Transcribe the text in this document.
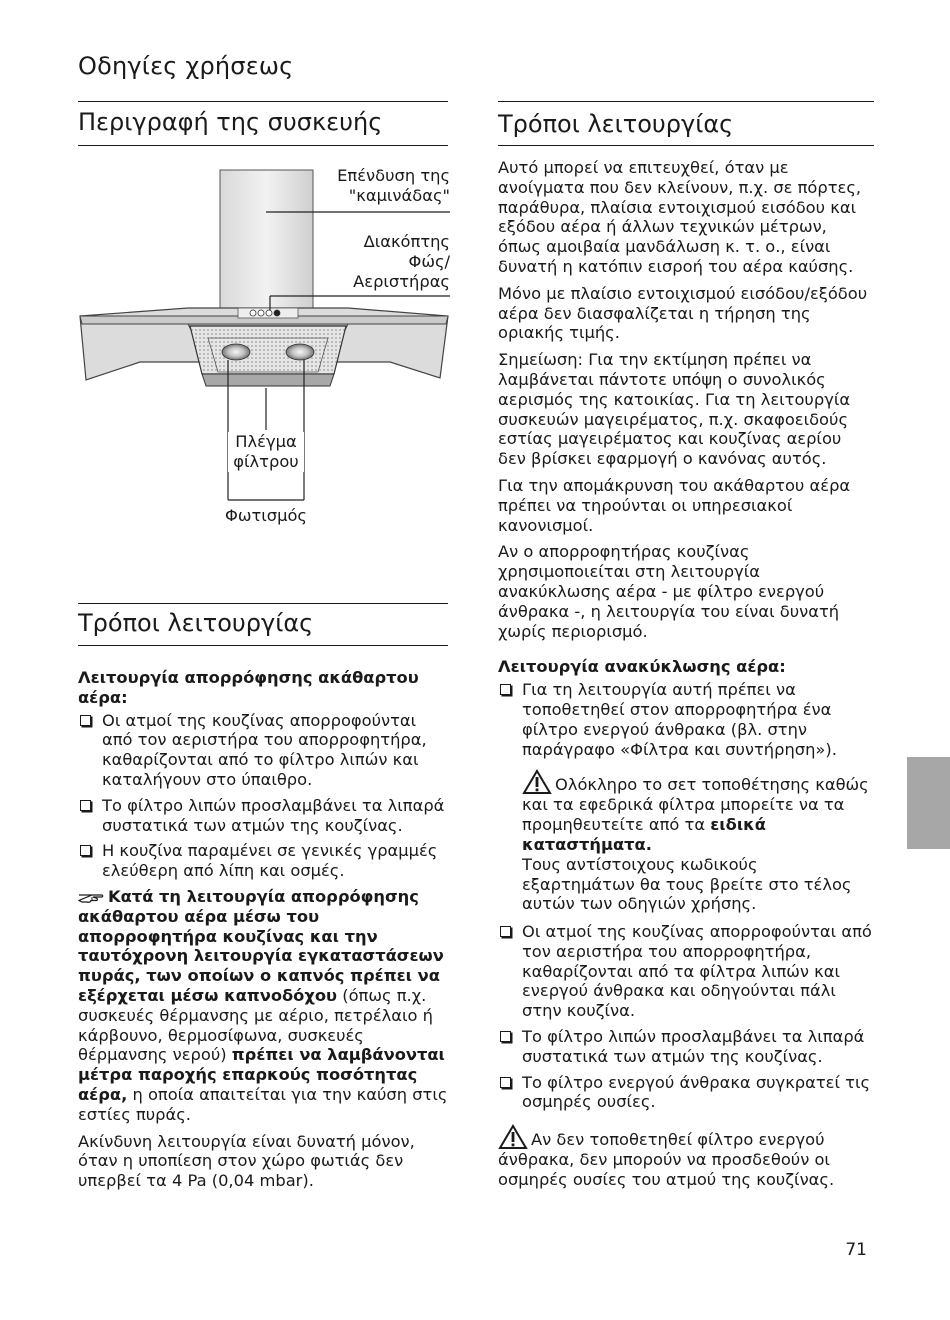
Οδηγίες χρήσεως
Περιγραφή της συσκευής
Επένδυση της
"καμινάδας"
Διακόπτης
Φώς/
Αεριστήρας
Πλέγμα
φίλτρου
Φωτισμός
Τρόποι λειτουργίας
Λειτουργία απορρόφησης ακάθαρτου αέρα:
Οι ατμοί της κουζίνας απορροφούνται από τον αεριστήρα του απορροφητήρα, καθαρίζονται από το φίλτρο λιπών και καταλήγουν στο ύπαιθρο.
Το φίλτρο λιπών προσλαμβάνει τα λιπαρά συστατικά των ατμών της κουζίνας.
Η κουζίνα παραμένει σε γενικές γραμμές ελεύθερη από λίπη και οσμές.

Κατά τη λειτουργία απορρόφησης ακάθαρτου αέρα μέσω του απορροφητήρα κουζίνας και την ταυτόχρονη λειτουργία εγκαταστάσεων πυράς, των οποίων ο καπνός πρέπει να εξέρχεται μέσω καπνοδόχου (όπως π.χ. συσκευές θέρμανσης με αέριο, πετρέλαιο ή κάρβουνο, θερμοσίφωνα, συσκευές θέρμανσης νερού) πρέπει να λαμβάνονται μέτρα παροχής επαρκούς ποσότητας αέρα, η οποία απαιτείται για την καύση στις εστίες πυράς.

Ακίνδυνη λειτουργία είναι δυνατή μόνον, όταν η υποπίεση στον χώρο φωτιάς δεν υπερβεί τα 4 Pa (0,04 mbar).

Τρόποι λειτουργίας

Αυτό μπορεί να επιτευχθεί, όταν με ανοίγματα που δεν κλείνουν, π.χ. σε πόρτες, παράθυρα, πλαίσια εντοιχισμού εισόδου και εξόδου αέρα ή άλλων τεχνικών μέτρων, όπως αμοιβαία μανδάλωση κ. τ. ο., είναι δυνατή η κατόπιν εισροή του αέρα καύσης.

Μόνο με πλαίσιο εντοιχισμού εισόδου/εξόδου αέρα δεν διασφαλίζεται η τήρηση της οριακής τιμής.

Σημείωση: Για την εκτίμηση πρέπει να λαμβάνεται πάντοτε υπόψη ο συνολικός αερισμός της κατοικίας. Για τη λειτουργία συσκευών μαγειρέματος, π.χ. σκαφοειδούς εστίας μαγειρέματος και κουζίνας αερίου δεν βρίσκει εφαρμογή ο κανόνας αυτός.

Για την απομάκρυνση του ακάθαρτου αέρα πρέπει να τηρούνται οι υπηρεσιακοί κανονισμοί.

Αν ο απορροφητήρας κουζίνας χρησιμοποιείται στη λειτουργία ανακύκλωσης αέρα - με φίλτρο ενεργού άνθρακα -, η λειτουργία του είναι δυνατή χωρίς περιορισμό.

Λειτουργία ανακύκλωσης αέρα:
Για τη λειτουργία αυτή πρέπει να τοποθετηθεί στον απορροφητήρα ένα φίλτρο ενεργού άνθρακα (βλ. στην παράγραφο «Φίλτρα και συντήρηση»).
Ολόκληρο το σετ τοποθέτησης καθώς και τα εφεδρικά φίλτρα μπορείτε να τα προμηθευτείτε από τα ειδικά καταστήματα.
Τους αντίστοιχους κωδικούς εξαρτημάτων θα τους βρείτε στο τέλος αυτών των οδηγιών χρήσης.
Οι ατμοί της κουζίνας απορροφούνται από τον αεριστήρα του απορροφητήρα, καθαρίζονται από τα φίλτρα λιπών και ενεργού άνθρακα και οδηγούνται πάλι στην κουζίνα.
Το φίλτρο λιπών προσλαμβάνει τα λιπαρά συστατικά των ατμών της κουζίνας.
Το φίλτρο ενεργού άνθρακα συγκρατεί τις οσμηρές ουσίες.
Αν δεν τοποθετηθεί φίλτρο ενεργού άνθρακα, δεν μπορούν να προσδεθούν οι οσμηρές ουσίες του ατμού της κουζίνας.
71
